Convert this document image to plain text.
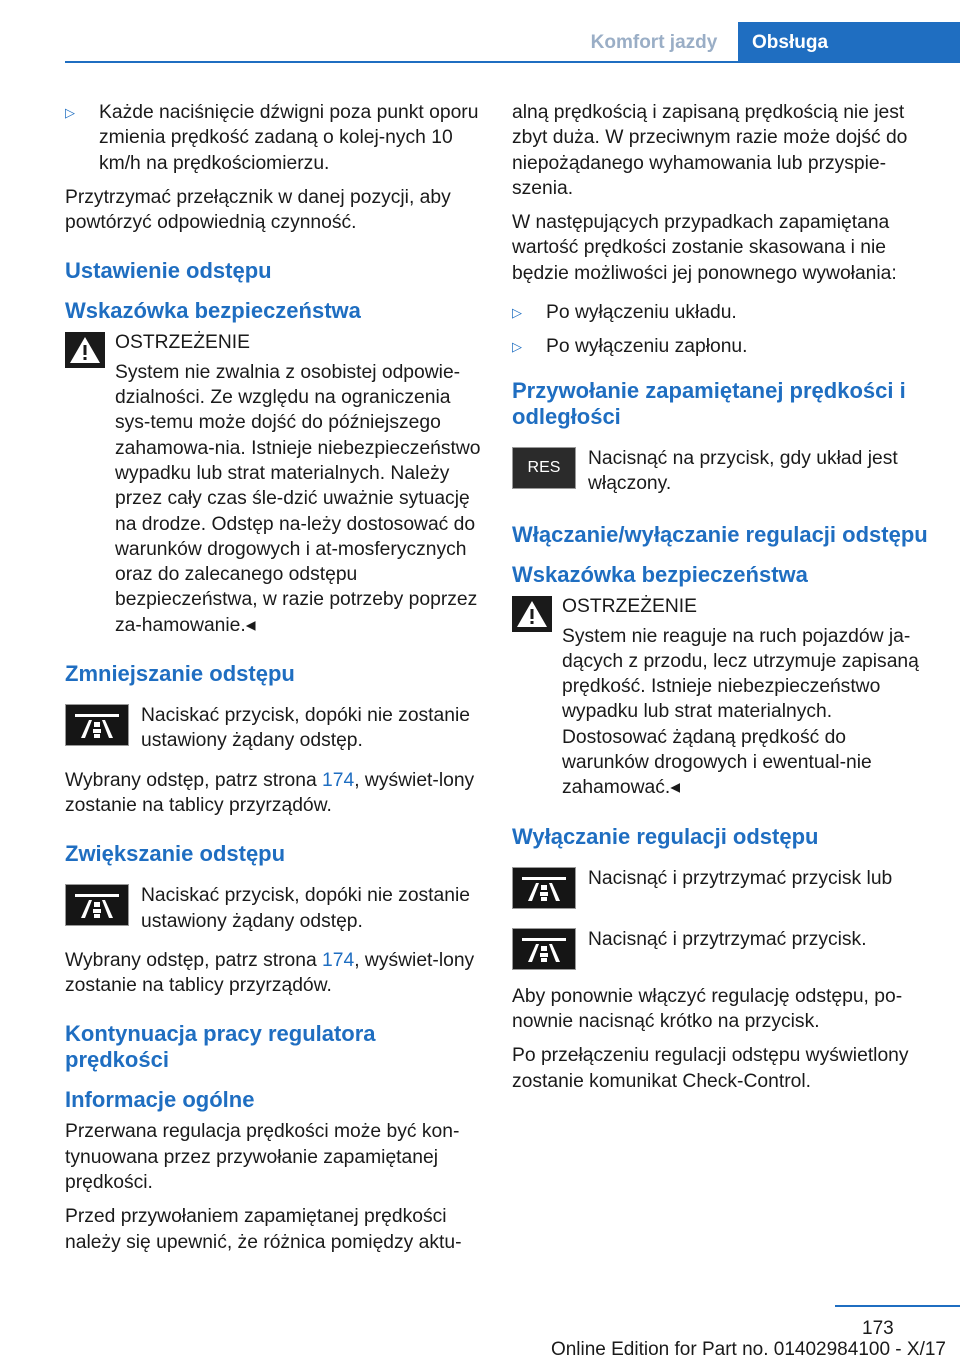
Komfort jazdy	Obsługa
▷	Każde naciśnięcie dźwigni poza punkt oporu zmienia prędkość zadaną o kolej-nych 10 km/h na prędkościomierzu.

Przytrzymać przełącznik w danej pozycji, aby powtórzyć odpowiednią czynność.

Ustawienie odstępu
Wskazówka bezpieczeństwa
OSTRZEŻENIE

System nie zwalnia z osobistej odpowie-dzialności. Ze względu na ograniczenia sys-temu może dojść do późniejszego zahamowa-nia. Istnieje niebezpieczeństwo wypadku lub strat materialnych. Należy przez cały czas śle-dzić uważnie sytuację na drodze. Odstęp na-leży dostosować do warunków drogowych i at-mosferycznych oraz do zalecanego odstępu bezpieczeństwa, w razie potrzeby poprzez za-hamowanie.◂

Zmniejszanie odstępu
Naciskać przycisk, dopóki nie zostanie ustawiony żądany odstęp.

Wybrany odstęp, patrz strona 174, wyświet-lony zostanie na tablicy przyrządów.

Zwiększanie odstępu
Naciskać przycisk, dopóki nie zostanie ustawiony żądany odstęp.

Wybrany odstęp, patrz strona 174, wyświet-lony zostanie na tablicy przyrządów.

Kontynuacja pracy regulatora prędkości
Informacje ogólne

Przerwana regulacja prędkości może być kon-tynuowana przez przywołanie zapamiętanej prędkości.

Przed przywołaniem zapamiętanej prędkości należy się upewnić, że różnica pomiędzy aktu-

alną prędkością i zapisaną prędkością nie jest zbyt duża. W przeciwnym razie może dojść do niepożądanego wyhamowania lub przyspie-szenia.

W następujących przypadkach zapamiętana wartość prędkości zostanie skasowana i nie będzie możliwości jej ponownego wywołania:

▷	Po wyłączeniu układu.
▷	Po wyłączeniu zapłonu.
Przywołanie zapamiętanej prędkości i odległości
RES Nacisnąć na przycisk, gdy układ jest włączony.
Włączanie/wyłączanie regulacji odstępu
Wskazówka bezpieczeństwa
OSTRZEŻENIE

System nie reaguje na ruch pojazdów ja-dących z przodu, lecz utrzymuje zapisaną prędkość. Istnieje niebezpieczeństwo wypadku lub strat materialnych. Dostosować żądaną prędkość do warunków drogowych i ewentual-nie zahamować.◂

Wyłączanie regulacji odstępu
Nacisnąć i przytrzymać przycisk lub
Nacisnąć i przytrzymać przycisk.

Aby ponownie włączyć regulację odstępu, po-nownie nacisnąć krótko na przycisk.

Po przełączeniu regulacji odstępu wyświetlony zostanie komunikat Check-Control.

173
Online Edition for Part no. 01402984100 - X/17
